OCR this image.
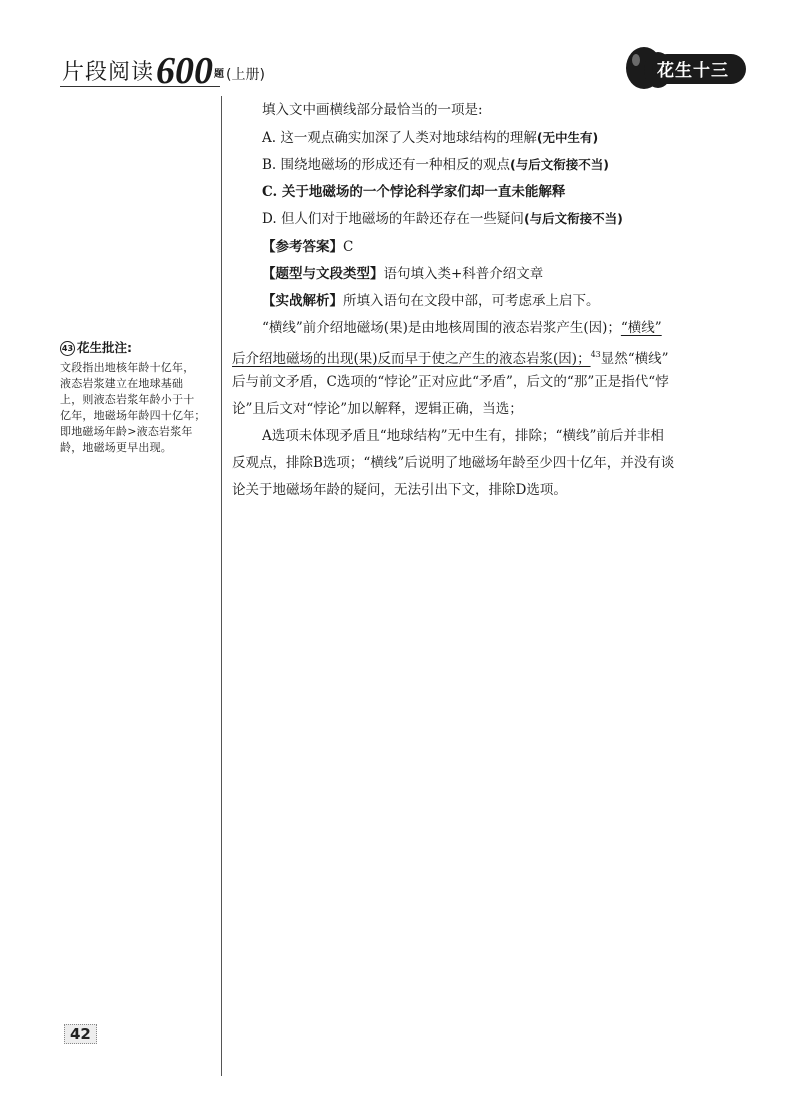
片段阅读 600 题 (上册)	花生十三
43 花生批注:
文段指出地核年龄十亿年，
液态岩浆建立在地球基础
上，则液态岩浆年龄小于十
亿年，地磁场年龄四十亿年；
即地磁场年龄>液态岩浆年
龄，地磁场更早出现。
填入文中画横线部分最恰当的一项是:
A. 这一观点确实加深了人类对地球结构的理解(无中生有)
B. 围绕地磁场的形成还有一种相反的观点(与后文衔接不当)
C. 关于地磁场的一个悖论科学家们却一直未能解释
D. 但人们对于地磁场的年龄还存在一些疑问(与后文衔接不当)
【参考答案】C
【题型与文段类型】语句填入类+科普介绍文章
【实战解析】所填入语句在文段中部，可考虑承上启下。
“横线”前介绍地磁场(果)是由地核周围的液态岩浆产生(因)；“横线”
后介绍地磁场的出现(果)反而早于使之产生的液态岩浆(因)；$^{43}$显然“横线”
后与前文矛盾，C选项的“悖论”正对应此“矛盾”，后文的“那”正是指代“悖
论”且后文对“悖论”加以解释，逻辑正确，当选；
A选项未体现矛盾且“地球结构”无中生有，排除；“横线”前后并非相
反观点，排除B选项；“横线”后说明了地磁场年龄至少四十亿年，并没有谈
论关于地磁场年龄的疑问，无法引出下文，排除D选项。
42
